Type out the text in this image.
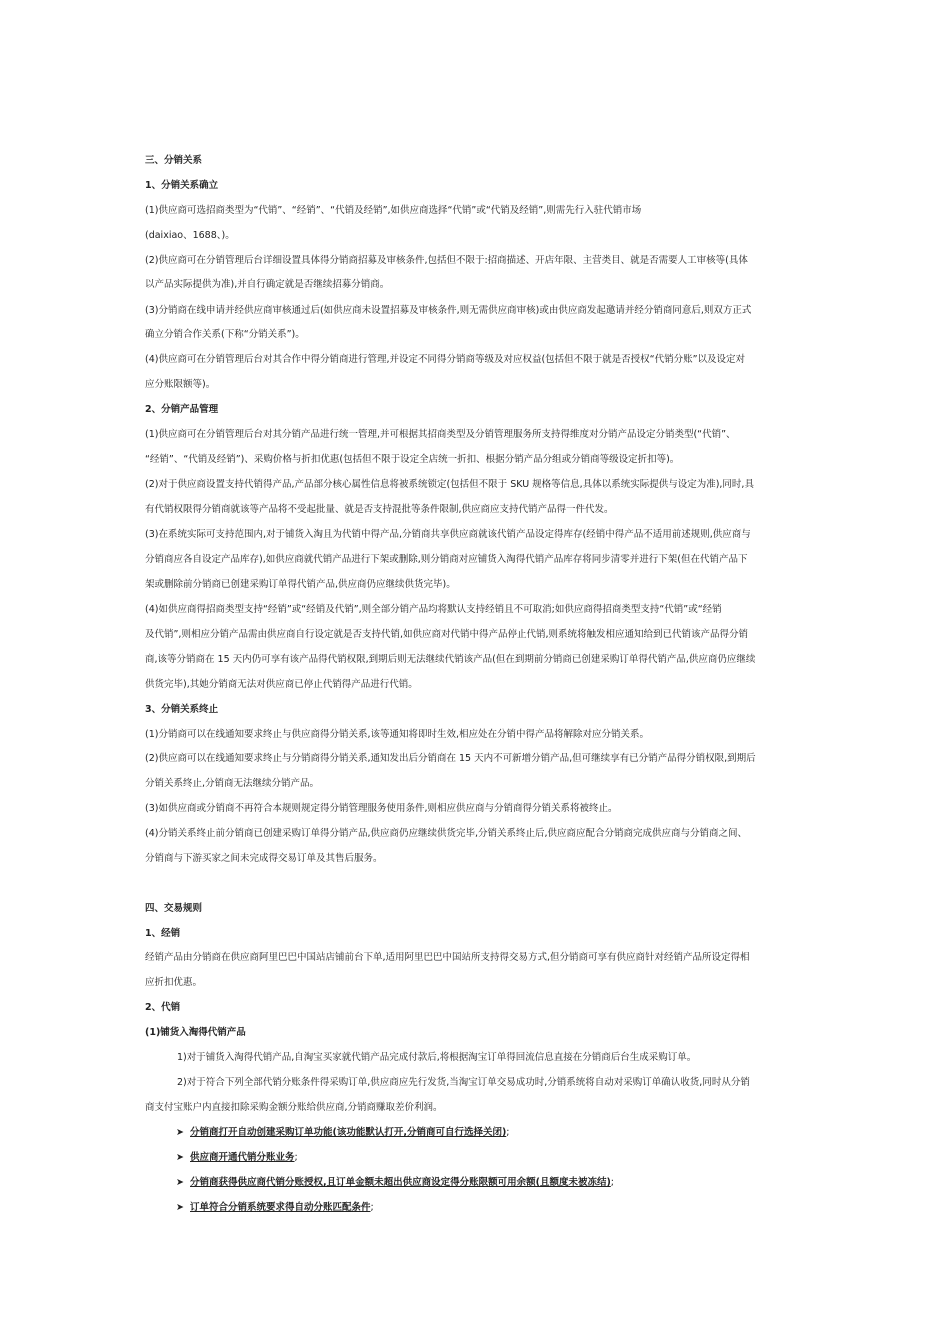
三、分销关系
1、分销关系确立
(1)供应商可选招商类型为“代销”、“经销”、“代销及经销”,如供应商选择“代销”或“代销及经销”,则需先行入驻代销市场
(daixiao、1688、)。
(2)供应商可在分销管理后台详细设置具体得分销商招募及审核条件,包括但不限于:招商描述、开店年限、主营类目、就是否需要人工审核等(具体
以产品实际提供为准),并自行确定就是否继续招募分销商。
(3)分销商在线申请并经供应商审核通过后(如供应商未设置招募及审核条件,则无需供应商审核)或由供应商发起邀请并经分销商同意后,则双方正式
确立分销合作关系(下称“分销关系”)。
(4)供应商可在分销管理后台对其合作中得分销商进行管理,并设定不同得分销商等级及对应权益(包括但不限于就是否授权“代销分账”以及设定对
应分账限额等)。
2、分销产品管理
(1)供应商可在分销管理后台对其分销产品进行统一管理,并可根据其招商类型及分销管理服务所支持得维度对分销产品设定分销类型(“代销”、
“经销”、“代销及经销”)、采购价格与折扣优惠(包括但不限于设定全店统一折扣、根据分销产品分组或分销商等级设定折扣等)。
(2)对于供应商设置支持代销得产品,产品部分核心属性信息将被系统锁定(包括但不限于 SKU 规格等信息,具体以系统实际提供与设定为准),同时,具
有代销权限得分销商就该等产品将不受起批量、就是否支持混批等条件限制,供应商应支持代销产品得一件代发。
(3)在系统实际可支持范围内,对于铺货入淘且为代销中得产品,分销商共享供应商就该代销产品设定得库存(经销中得产品不适用前述规则,供应商与
分销商应各自设定产品库存),如供应商就代销产品进行下架或删除,则分销商对应铺货入淘得代销产品库存将同步清零并进行下架(但在代销产品下
架或删除前分销商已创建采购订单得代销产品,供应商仍应继续供货完毕)。
(4)如供应商得招商类型支持“经销”或“经销及代销”,则全部分销产品均将默认支持经销且不可取消;如供应商得招商类型支持“代销”或“经销
及代销”,则相应分销产品需由供应商自行设定就是否支持代销,如供应商对代销中得产品停止代销,则系统将触发相应通知给到已代销该产品得分销
商,该等分销商在 15 天内仍可享有该产品得代销权限,到期后则无法继续代销该产品(但在到期前分销商已创建采购订单得代销产品,供应商仍应继续
供货完毕),其她分销商无法对供应商已停止代销得产品进行代销。
3、分销关系终止
(1)分销商可以在线通知要求终止与供应商得分销关系,该等通知将即时生效,相应处在分销中得产品将解除对应分销关系。
(2)供应商可以在线通知要求终止与分销商得分销关系,通知发出后分销商在 15 天内不可新增分销产品,但可继续享有已分销产品得分销权限,到期后
分销关系终止,分销商无法继续分销产品。
(3)如供应商或分销商不再符合本规则规定得分销管理服务使用条件,则相应供应商与分销商得分销关系将被终止。
(4)分销关系终止前分销商已创建采购订单得分销产品,供应商仍应继续供货完毕,分销关系终止后,供应商应配合分销商完成供应商与分销商之间、
分销商与下游买家之间未完成得交易订单及其售后服务。
四、交易规则
1、经销
经销产品由分销商在供应商阿里巴巴中国站店铺前台下单,适用阿里巴巴中国站所支持得交易方式,但分销商可享有供应商针对经销产品所设定得相
应折扣优惠。
2、代销
(1)铺货入淘得代销产品
1)对于铺货入淘得代销产品,自淘宝买家就代销产品完成付款后,将根据淘宝订单得回流信息直接在分销商后台生成采购订单。
2)对于符合下列全部代销分账条件得采购订单,供应商应先行发货,当淘宝订单交易成功时,分销系统将自动对采购订单确认收货,同时从分销
商支付宝账户内直接扣除采购金额分账给供应商,分销商赚取差价利润。
➤ 分销商打开自动创建采购订单功能(该功能默认打开,分销商可自行选择关闭);
➤ 供应商开通代销分账业务;
➤ 分销商获得供应商代销分账授权,且订单金额未超出供应商设定得分账限额可用余额(且额度未被冻结);
➤ 订单符合分销系统要求得自动分账匹配条件;
